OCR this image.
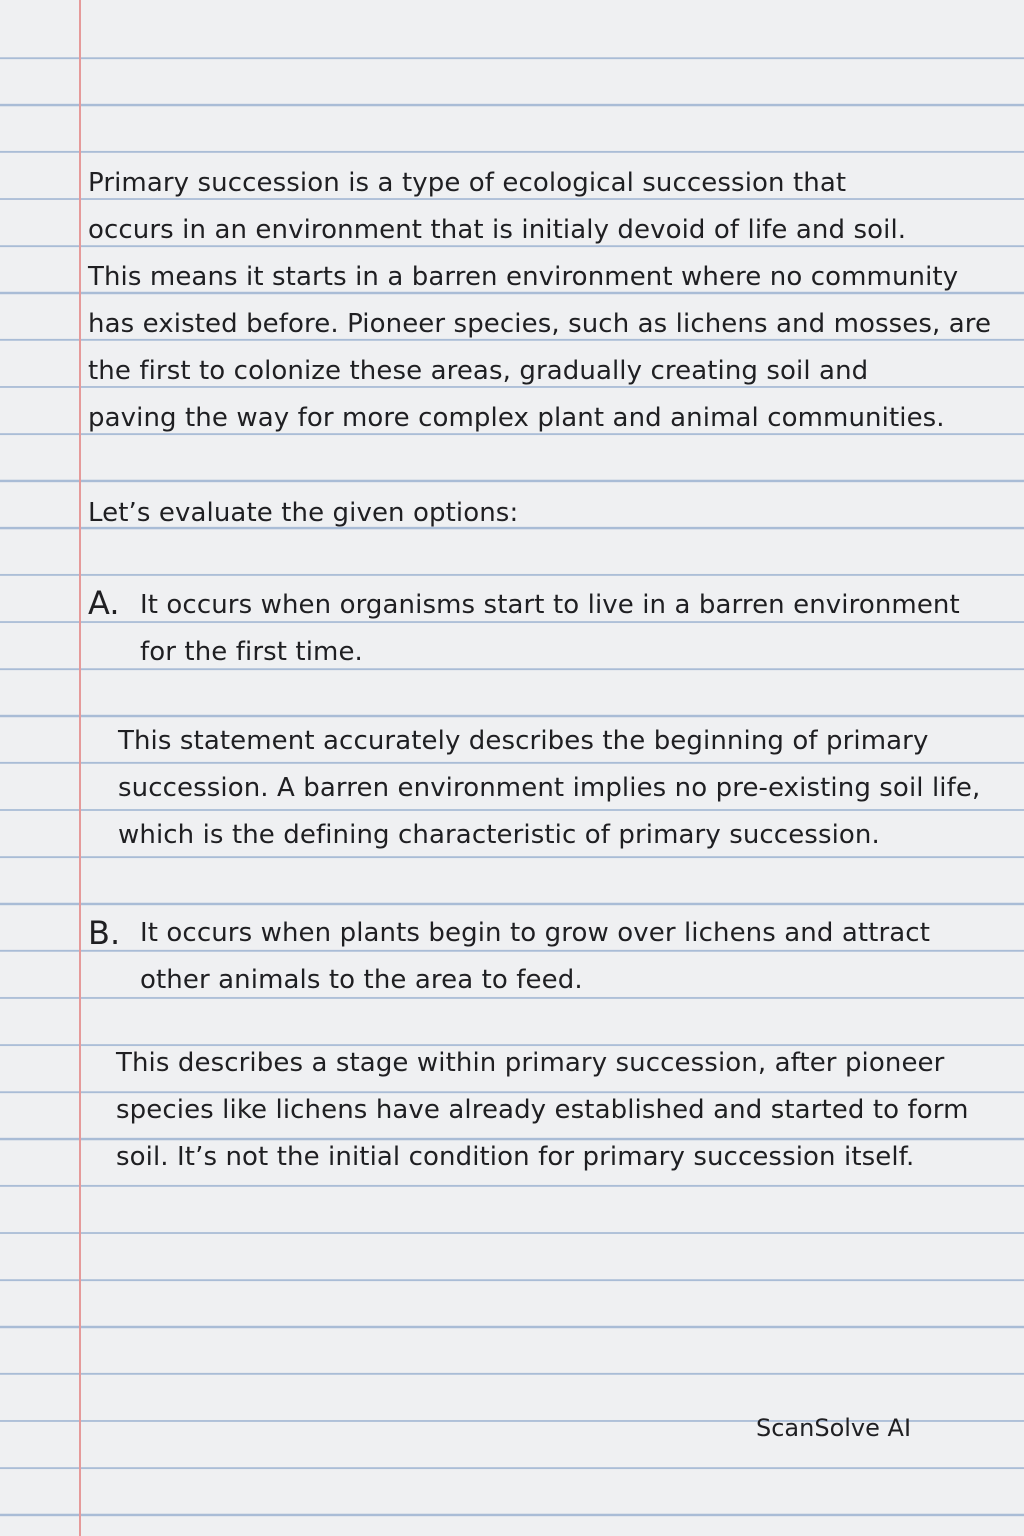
Primary succession is a type of ecological succession that
occurs in an environment that is initialy devoid of life and soil.
This means it starts in a barren environment where no community
has existed before. Pioneer species, such as lichens and mosses, are
the first to colonize these areas, gradually creating soil and
paving the way for more complex plant and animal communities.
Let’s evaluate the given options:
A. It occurs when organisms start to live in a barren environment
for the first time.
This statement accurately describes the beginning of primary
succession. A barren environment implies no pre-existing soil life,
which is the defining characteristic of primary succession.
B. It occurs when plants begin to grow over lichens and attract
other animals to the area to feed.
This describes a stage within primary succession, after pioneer
species like lichens have already established and started to form
soil. It’s not the initial condition for primary succession itself.
ScanSolve AI
